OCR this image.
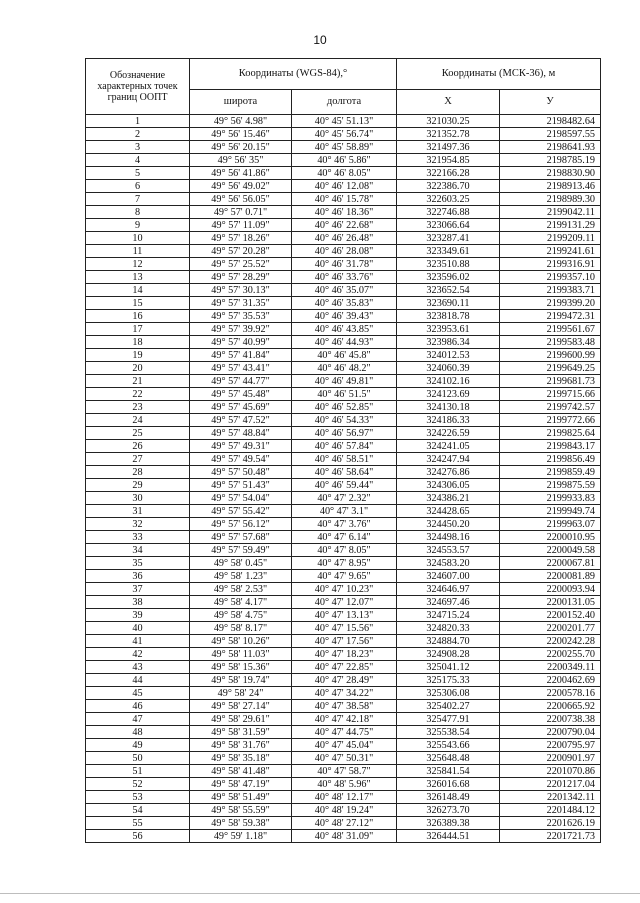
10
Обозначение характерных точек границ ООПТ	Координаты (WGS-84),°		Координаты (МСК-36), м	
	широта	долгота	X	У
1	49° 56' 4.98"	40° 45' 51.13"	321030.25	2198482.64
2	49° 56' 15.46"	40° 45' 56.74"	321352.78	2198597.55
3	49° 56' 20.15"	40° 45' 58.89"	321497.36	2198641.93
4	49° 56' 35"	40° 46' 5.86"	321954.85	2198785.19
5	49° 56' 41.86"	40° 46' 8.05"	322166.28	2198830.90
6	49° 56' 49.02"	40° 46' 12.08"	322386.70	2198913.46
7	49° 56' 56.05"	40° 46' 15.78"	322603.25	2198989.30
8	49° 57' 0.71"	40° 46' 18.36"	322746.88	2199042.11
9	49° 57' 11.09"	40° 46' 22.68"	323066.64	2199131.29
10	49° 57' 18.26"	40° 46' 26.48"	323287.41	2199209.11
11	49° 57' 20.28"	40° 46' 28.08"	323349.61	2199241.61
12	49° 57' 25.52"	40° 46' 31.78"	323510.88	2199316.91
13	49° 57' 28.29"	40° 46' 33.76"	323596.02	2199357.10
14	49° 57' 30.13"	40° 46' 35.07"	323652.54	2199383.71
15	49° 57' 31.35"	40° 46' 35.83"	323690.11	2199399.20
16	49° 57' 35.53"	40° 46' 39.43"	323818.78	2199472.31
17	49° 57' 39.92"	40° 46' 43.85"	323953.61	2199561.67
18	49° 57' 40.99"	40° 46' 44.93"	323986.34	2199583.48
19	49° 57' 41.84"	40° 46' 45.8"	324012.53	2199600.99
20	49° 57' 43.41"	40° 46' 48.2"	324060.39	2199649.25
21	49° 57' 44.77"	40° 46' 49.81"	324102.16	2199681.73
22	49° 57' 45.48"	40° 46' 51.5"	324123.69	2199715.66
23	49° 57' 45.69"	40° 46' 52.85"	324130.18	2199742.57
24	49° 57' 47.52"	40° 46' 54.33"	324186.33	2199772.66
25	49° 57' 48.84"	40° 46' 56.97"	324226.59	2199825.64
26	49° 57' 49.31"	40° 46' 57.84"	324241.05	2199843.17
27	49° 57' 49.54"	40° 46' 58.51"	324247.94	2199856.49
28	49° 57' 50.48"	40° 46' 58.64"	324276.86	2199859.49
29	49° 57' 51.43"	40° 46' 59.44"	324306.05	2199875.59
30	49° 57' 54.04"	40° 47' 2.32"	324386.21	2199933.83
31	49° 57' 55.42"	40° 47' 3.1"	324428.65	2199949.74
32	49° 57' 56.12"	40° 47' 3.76"	324450.20	2199963.07
33	49° 57' 57.68"	40° 47' 6.14"	324498.16	2200010.95
34	49° 57' 59.49"	40° 47' 8.05"	324553.57	2200049.58
35	49° 58' 0.45"	40° 47' 8.95"	324583.20	2200067.81
36	49° 58' 1.23"	40° 47' 9.65"	324607.00	2200081.89
37	49° 58' 2.53"	40° 47' 10.23"	324646.97	2200093.94
38	49° 58' 4.17"	40° 47' 12.07"	324697.46	2200131.05
39	49° 58' 4.75"	40° 47' 13.13"	324715.24	2200152.40
40	49° 58' 8.17"	40° 47' 15.56"	324820.33	2200201.77
41	49° 58' 10.26"	40° 47' 17.56"	324884.70	2200242.28
42	49° 58' 11.03"	40° 47' 18.23"	324908.28	2200255.70
43	49° 58' 15.36"	40° 47' 22.85"	325041.12	2200349.11
44	49° 58' 19.74"	40° 47' 28.49"	325175.33	2200462.69
45	49° 58' 24"	40° 47' 34.22"	325306.08	2200578.16
46	49° 58' 27.14"	40° 47' 38.58"	325402.27	2200665.92
47	49° 58' 29.61"	40° 47' 42.18"	325477.91	2200738.38
48	49° 58' 31.59"	40° 47' 44.75"	325538.54	2200790.04
49	49° 58' 31.76"	40° 47' 45.04"	325543.66	2200795.97
50	49° 58' 35.18"	40° 47' 50.31"	325648.48	2200901.97
51	49° 58' 41.48"	40° 47' 58.7"	325841.54	2201070.86
52	49° 58' 47.19"	40° 48' 5.96"	326016.68	2201217.04
53	49° 58' 51.49"	40° 48' 12.17"	326148.49	2201342.11
54	49° 58' 55.59"	40° 48' 19.24"	326273.70	2201484.12
55	49° 58' 59.38"	40° 48' 27.12"	326389.38	2201626.19
56	49° 59' 1.18"	40° 48' 31.09"	326444.51	2201721.73
